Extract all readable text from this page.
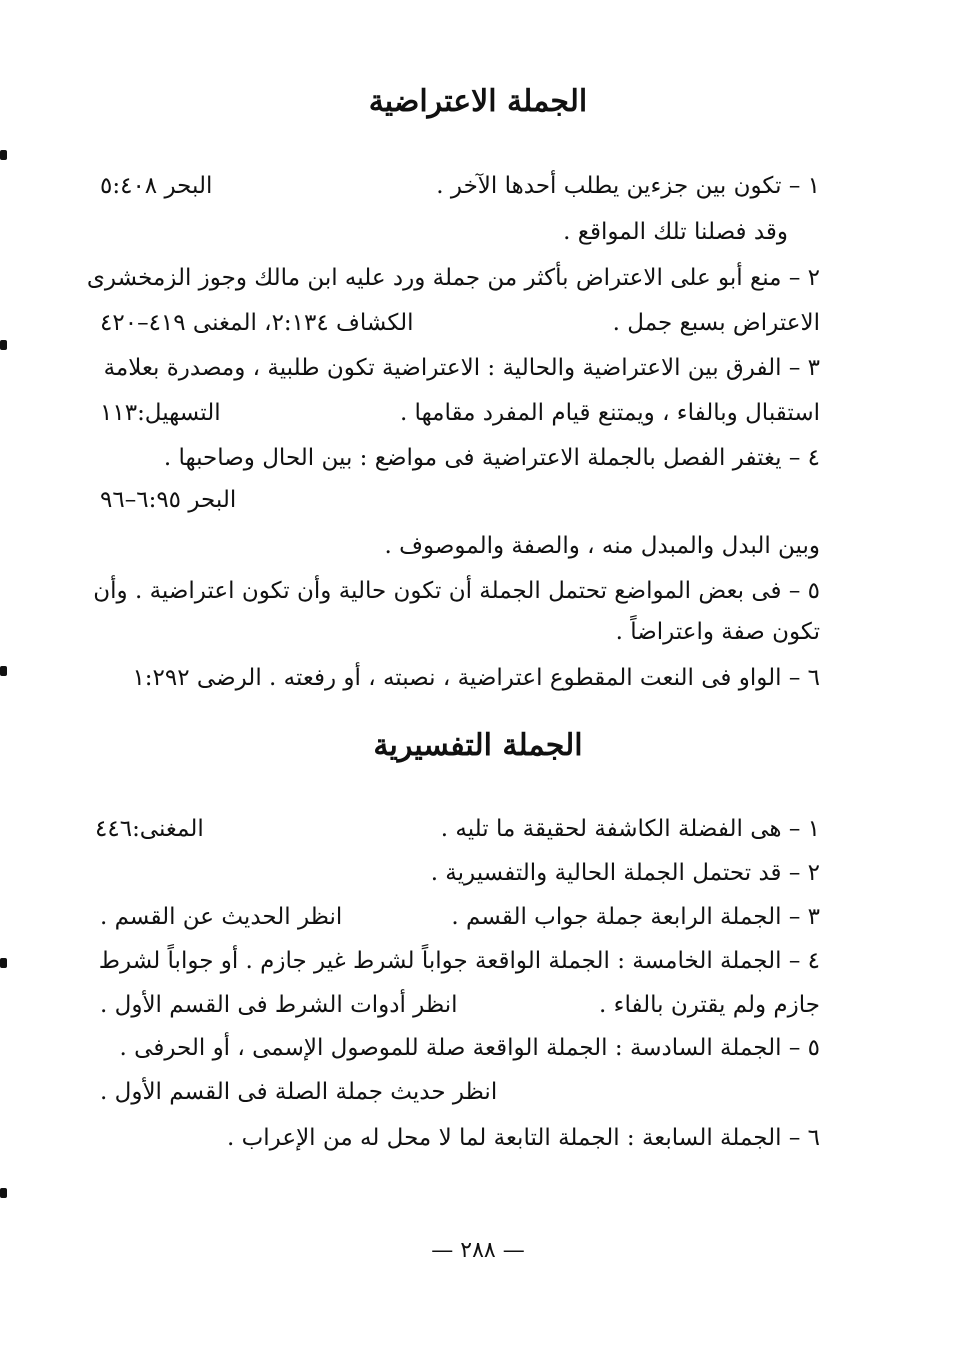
الجملة الاعتراضية
١ – تكون بين جزءين يطلب أحدها الآخر .
البحر ٥:٤٠٨
وقد فصلنا تلك المواقع .
٢ – منع أبو على الاعتراض بأكثر من جملة ورد عليه ابن مالك وجوز الزمخشرى
الاعتراض بسبع جمل .
الكشاف ٢:١٣٤، المغنى ٤١٩–٤٢٠
٣ – الفرق بين الاعتراضية والحالية : الاعتراضية تكون طلبية ، ومصدرة بعلامة
استقبال وبالفاء ، ويمتنع قيام المفرد مقامها .
التسهيل:١١٣
٤ – يغتفر الفصل بالجملة الاعتراضية فى مواضع : بين الحال وصاحبها .
البحر ٦:٩٥–٩٦
وبين البدل والمبدل منه ، والصفة والموصوف .
٥ – فى بعض المواضع تحتمل الجملة أن تكون حالية وأن تكون اعتراضية . وأن
تكون صفة واعتراضاً .
٦ – الواو فى النعت المقطوع اعتراضية ، نصبته ، أو رفعته . الرضى ١:٢٩٢
الجملة التفسيرية
١ – هى الفضلة الكاشفة لحقيقة ما تليه .
المغنى:٤٤٦
٢ – قد تحتمل الجملة الحالية والتفسيرية .
٣ – الجملة الرابعة جملة جواب القسم .
انظر الحديث عن القسم .
٤ – الجملة الخامسة : الجملة الواقعة جواباً لشرط غير جازم . أو جواباً لشرط
جازم ولم يقترن بالفاء .
انظر أدوات الشرط فى القسم الأول .
٥ – الجملة السادسة : الجملة الواقعة صلة للموصول الإسمى ، أو الحرفى .
انظر حديث جملة الصلة فى القسم الأول .
٦ – الجملة السابعة : الجملة التابعة لما لا محل له من الإعراب .
— ٢٨٨ —
